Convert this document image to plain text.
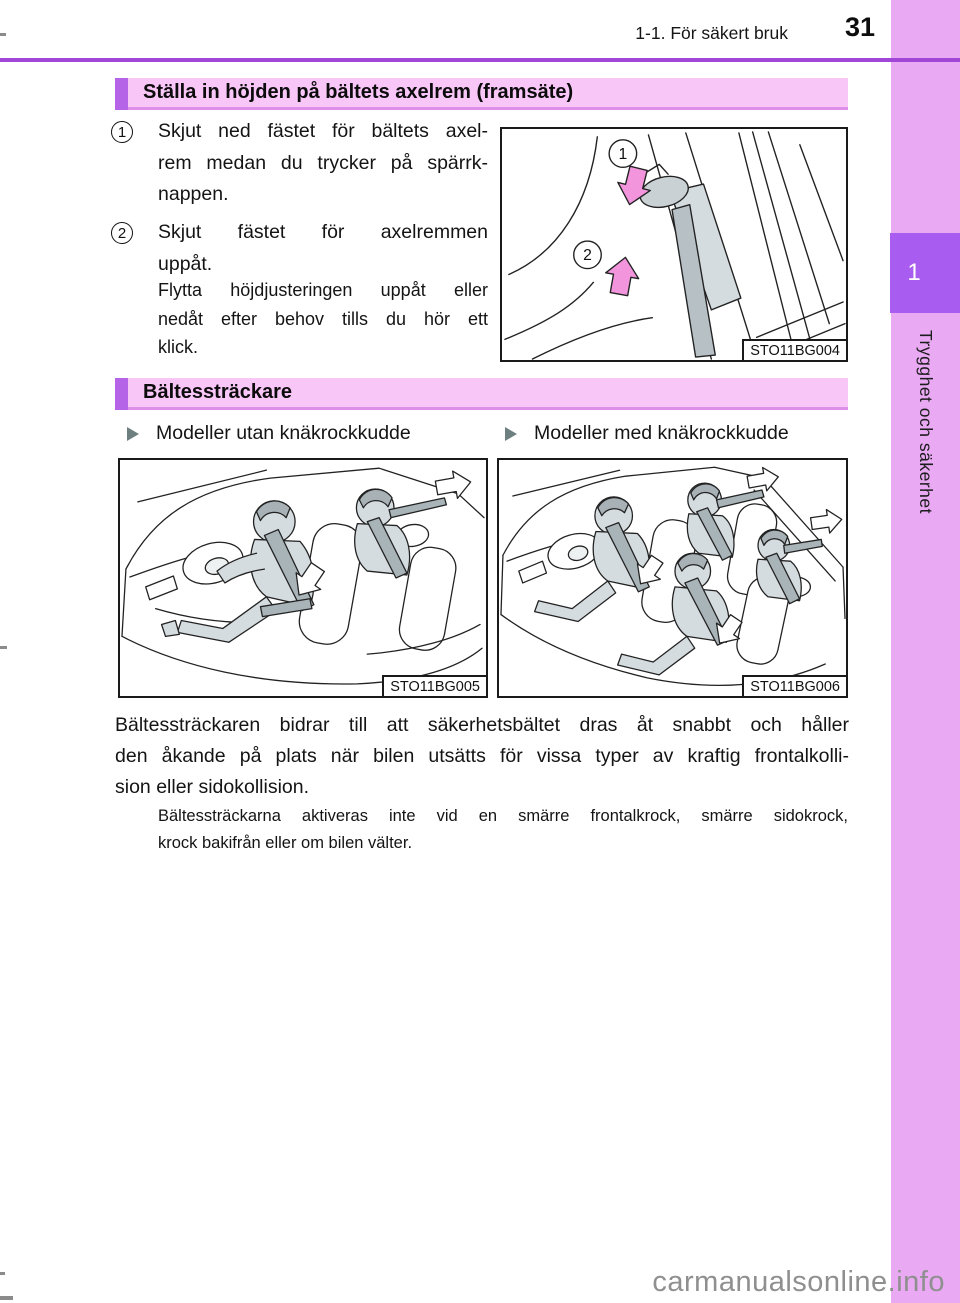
1-1. För säkert bruk 31
1
Trygghet och säkerhet
Ställa in höjden på bältets axelrem (framsäte)
1 Skjut ned fästet för bältets axel-
rem medan du trycker på spärrk-
nappen.
2 Skjut fästet för axelremmen
uppåt.
Flytta höjdjusteringen uppåt eller
nedåt efter behov tills du hör ett
klick.
1
2
STO11BG004
Bältessträckare
Modeller utan knäkrockkudde	Modeller med knäkrockkudde
STO11BG005	STO11BG006
Bältessträckaren bidrar till att säkerhetsbältet dras åt snabbt och håller
den åkande på plats när bilen utsätts för vissa typer av kraftig frontalkolli-
sion eller sidokollision.
Bältessträckarna aktiveras inte vid en smärre frontalkrock, smärre sidokrock,
krock bakifrån eller om bilen välter.
carmanualsonline.info
